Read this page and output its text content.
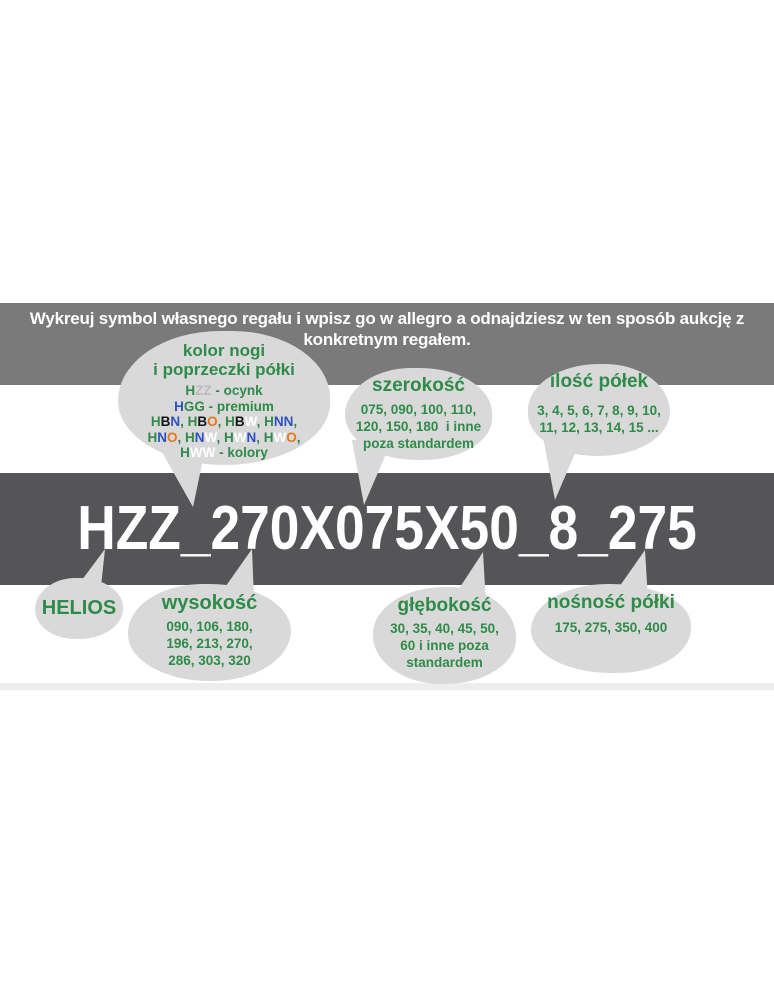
Wykreuj symbol własnego regału i wpisz go w allegro a odnajdziesz w ten sposób aukcję z
konkretnym regałem.
kolor nogi
i poprzeczki półki
HZZ - ocynk
HGG - premium
HBN, HBO, HBW, HNN,
HNO, HNW, HWN, HWO,
HWW - kolory
szerokość
075, 090, 100, 110,
120, 150, 180  i inne
poza standardem
ilość półek
3, 4, 5, 6, 7, 8, 9, 10,
11, 12, 13, 14, 15 ...
HZZ_270X075X50_8_275
HELIOS	wysokość
090, 106, 180,
196, 213, 270,
286, 303, 320
głębokość
30, 35, 40, 45, 50,
60 i inne poza
standardem
nośność półki
175, 275, 350, 400
